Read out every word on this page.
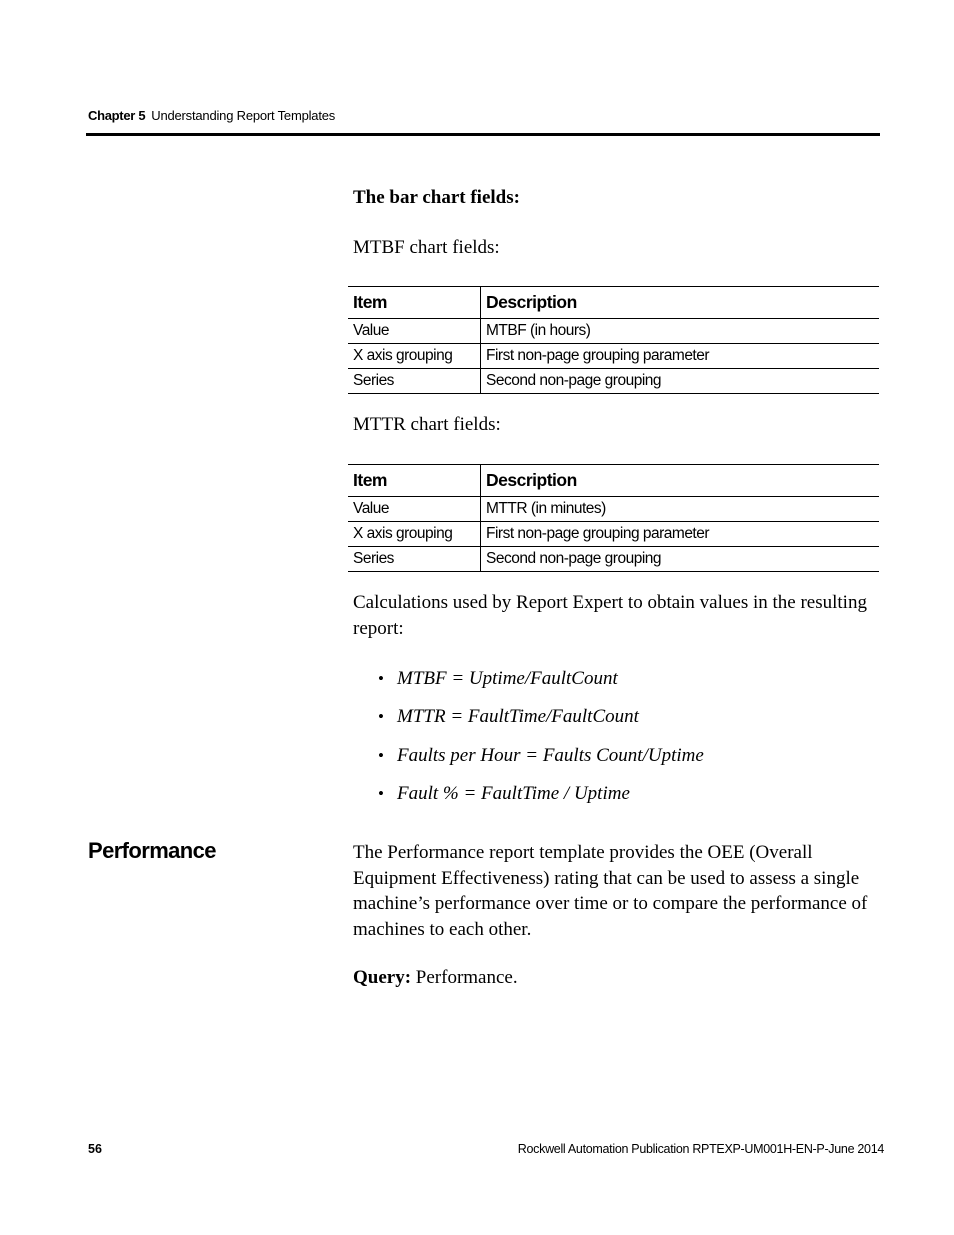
Chapter 5 Understanding Report Templates
The bar chart fields:
MTBF chart fields:
Item	Description
Value	MTBF (in hours)
X axis grouping	First non-page grouping parameter
Series	Second non-page grouping
MTTR chart fields:
Item	Description
Value	MTTR (in minutes)
X axis grouping	First non-page grouping parameter
Series	Second non-page grouping
Calculations used by Report Expert to obtain values in the resulting report:
• MTBF = Uptime/FaultCount
• MTTR = FaultTime/FaultCount
• Faults per Hour = Faults Count/Uptime
• Fault % = FaultTime / Uptime
Performance	The Performance report template provides the OEE (Overall Equipment Effectiveness) rating that can be used to assess a single machine’s performance over time or to compare the performance of machines to each other.
Query: Performance.
56	Rockwell Automation Publication RPTEXP-UM001H-EN-P-June 2014
